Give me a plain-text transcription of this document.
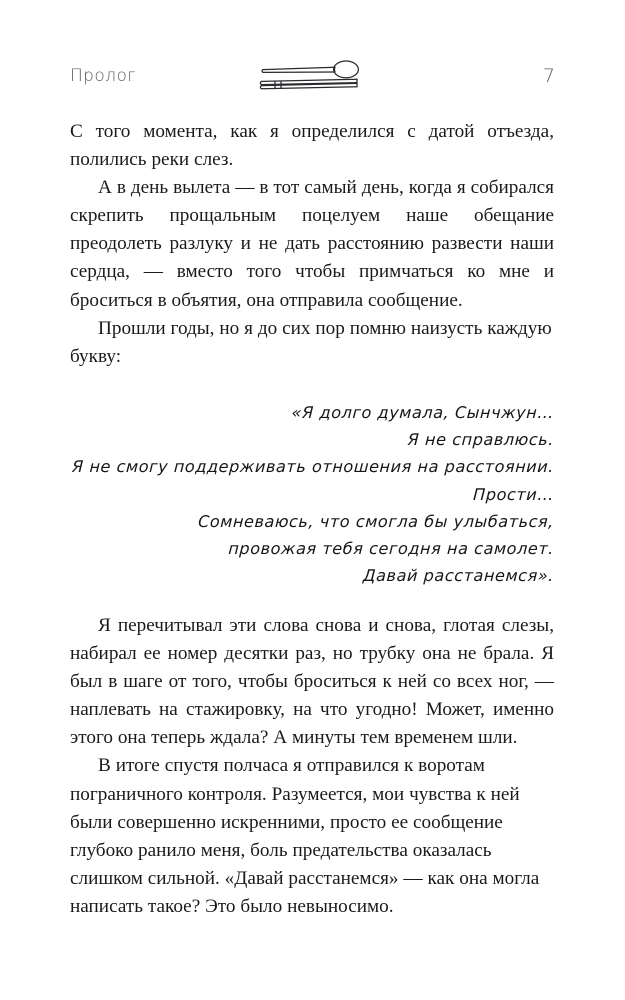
Пролог	7

С того момента, как я определился с датой отъезда, полились реки слез.

А в день вылета — в тот самый день, когда я собирался скрепить прощальным поцелуем наше обещание преодолеть разлуку и не дать расстоянию развести наши сердца, — вместо того чтобы примчаться ко мне и броситься в объятия, она отправила сообщение.

Прошли годы, но я до сих пор помню наизусть каждую букву:

«Я долго думала, Сынчжун…
Я не справлюсь.
Я не смогу поддерживать отношения на расстоянии.
Прости…
Сомневаюсь, что смогла бы улыбаться,
провожая тебя сегодня на самолет.
Давай расстанемся».

Я перечитывал эти слова снова и снова, глотая слезы, набирал ее номер десятки раз, но трубку она не брала. Я был в шаге от того, чтобы броситься к ней со всех ног, — наплевать на стажировку, на что угодно! Может, именно этого она теперь ждала? А минуты тем временем шли.

В итоге спустя полчаса я отправился к воротам пограничного контроля. Разумеется, мои чувства к ней были совершенно искренними, просто ее сообщение глубоко ранило меня, боль предательства оказалась слишком сильной. «Давай расстанемся» — как она могла написать такое? Это было невыносимо.
